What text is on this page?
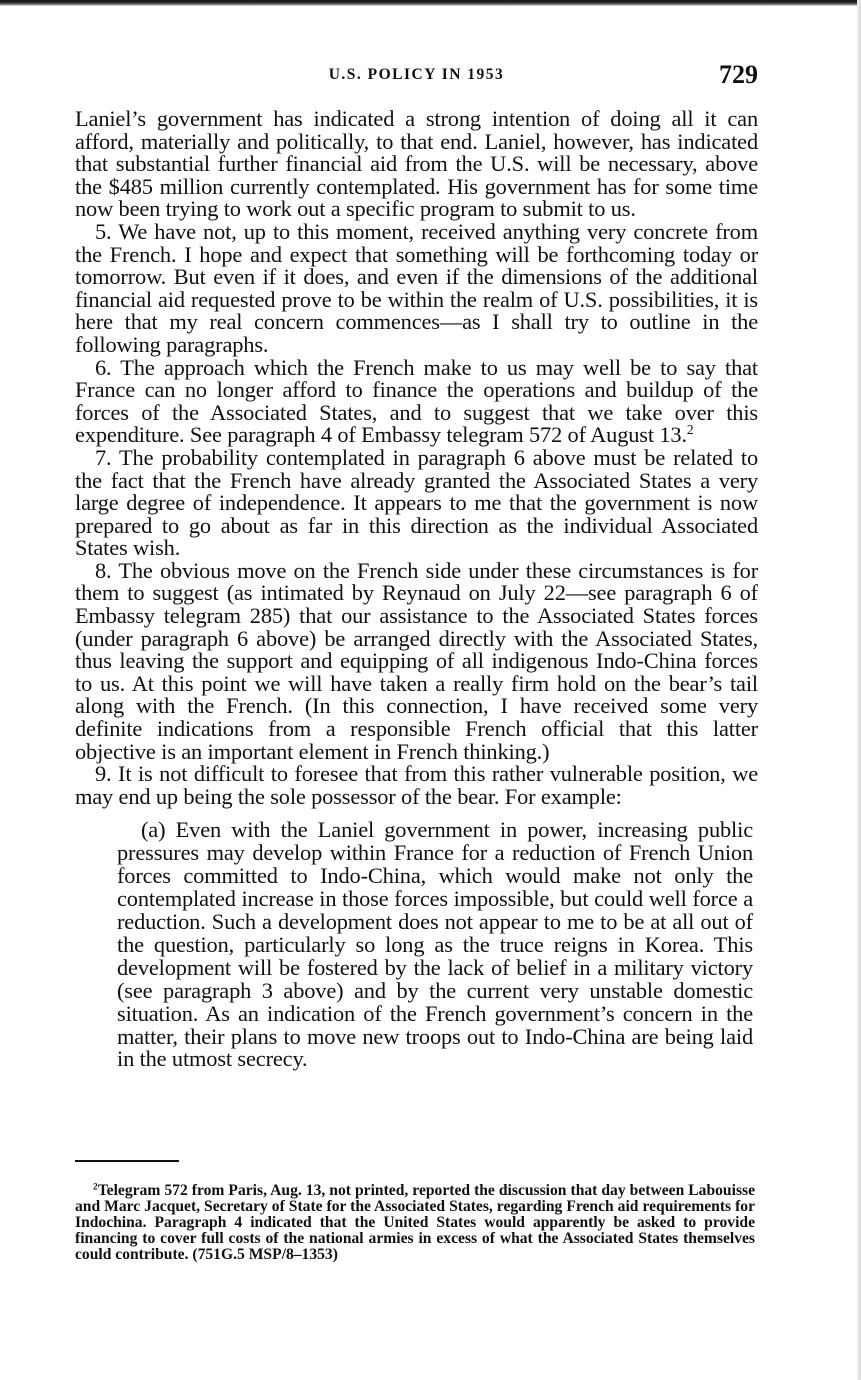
U.S. POLICY IN 1953	729

Laniel’s government has indicated a strong intention of doing all it can afford, materially and politically, to that end. Laniel, however, has indicated that substantial further financial aid from the U.S. will be necessary, above the $485 million currently contemplated. His government has for some time now been trying to work out a specific program to submit to us.

5. We have not, up to this moment, received anything very concrete from the French. I hope and expect that something will be forthcoming today or tomorrow. But even if it does, and even if the dimensions of the additional financial aid requested prove to be within the realm of U.S. possibilities, it is here that my real concern commences—as I shall try to outline in the following paragraphs.

6. The approach which the French make to us may well be to say that France can no longer afford to finance the operations and buildup of the forces of the Associated States, and to suggest that we take over this expenditure. See paragraph 4 of Embassy telegram 572 of August 13.$^2$

7. The probability contemplated in paragraph 6 above must be related to the fact that the French have already granted the Associated States a very large degree of independence. It appears to me that the government is now prepared to go about as far in this direction as the individual Associated States wish.

8. The obvious move on the French side under these circumstances is for them to suggest (as intimated by Reynaud on July 22—see paragraph 6 of Embassy telegram 285) that our assistance to the Associated States forces (under paragraph 6 above) be arranged directly with the Associated States, thus leaving the support and equipping of all indigenous Indo-China forces to us. At this point we will have taken a really firm hold on the bear’s tail along with the French. (In this connection, I have received some very definite indications from a responsible French official that this latter objective is an important element in French thinking.)

9. It is not difficult to foresee that from this rather vulnerable position, we may end up being the sole possessor of the bear. For example:

(a) Even with the Laniel government in power, increasing public pressures may develop within France for a reduction of French Union forces committed to Indo-China, which would make not only the contemplated increase in those forces impossible, but could well force a reduction. Such a development does not appear to me to be at all out of the question, particularly so long as the truce reigns in Korea. This development will be fostered by the lack of belief in a military victory (see paragraph 3 above) and by the current very unstable domestic situation. As an indication of the French government’s concern in the matter, their plans to move new troops out to Indo-China are being laid in the utmost secrecy.

$^2$Telegram 572 from Paris, Aug. 13, not printed, reported the discussion that day between Labouisse and Marc Jacquet, Secretary of State for the Associated States, regarding French aid requirements for Indochina. Paragraph 4 indicated that the United States would apparently be asked to provide financing to cover full costs of the national armies in excess of what the Associated States themselves could contribute. (751G.5 MSP/8–1353)
